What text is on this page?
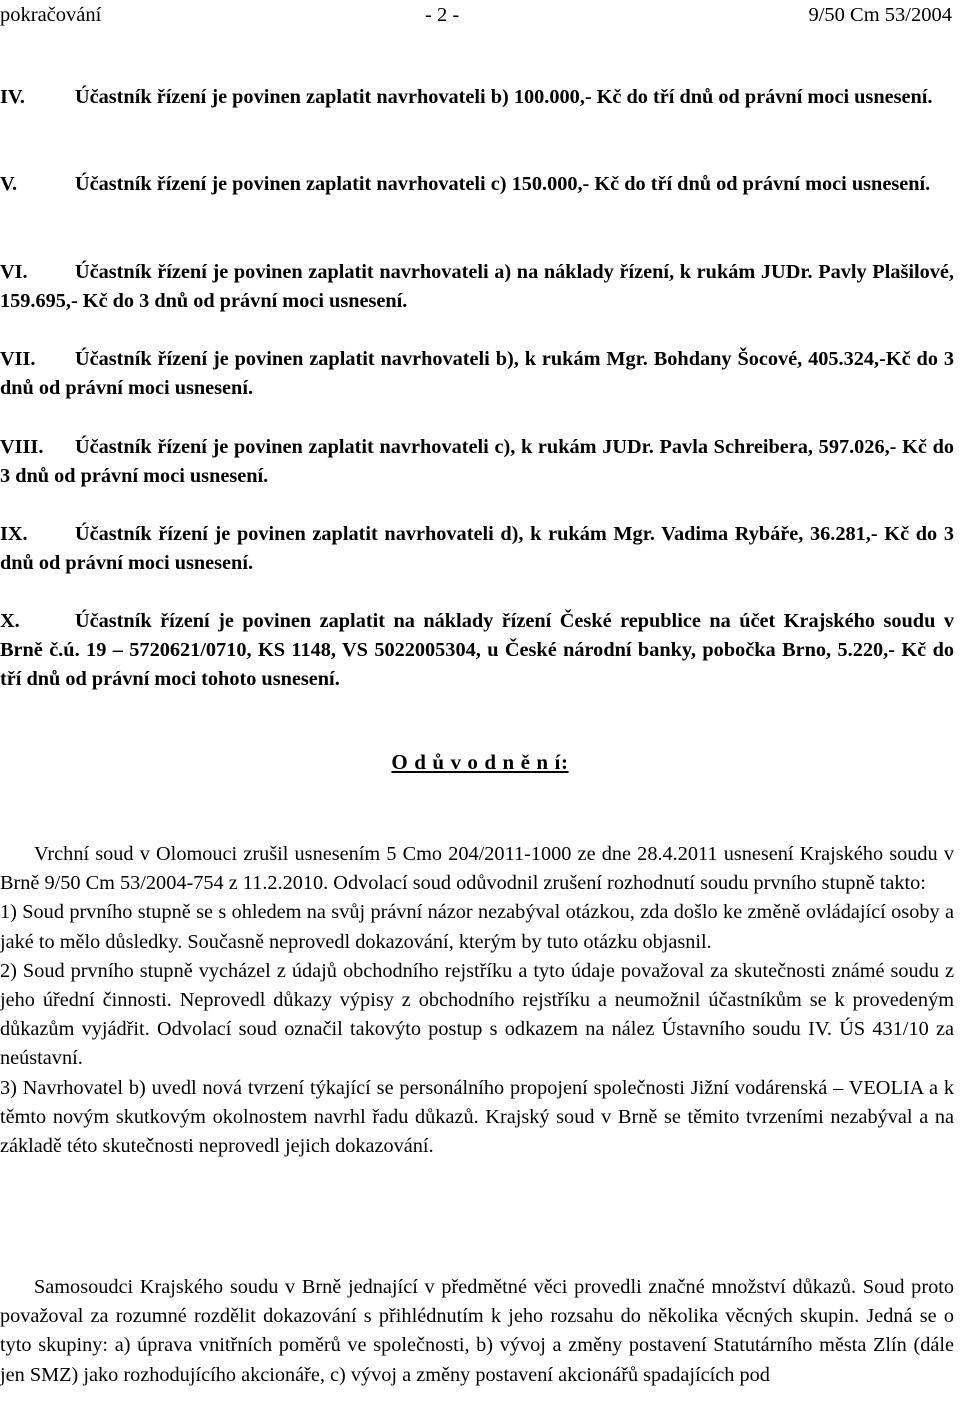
pokračování	- 2 -	9/50 Cm 53/2004

IV. Účastník řízení je povinen zaplatit navrhovateli b) 100.000,- Kč do tří dnů od právní moci usnesení.

V.	Účastník řízení je povinen zaplatit navrhovateli c) 150.000,- Kč do tří dnů od právní moci usnesení.

VI. Účastník řízení je povinen zaplatit navrhovateli a) na náklady řízení, k rukám JUDr. Pavly Plašilové, 159.695,- Kč do 3 dnů od právní moci usnesení.

VII. Účastník řízení je povinen zaplatit navrhovateli b), k rukám Mgr. Bohdany Šocové, 405.324,-Kč do 3 dnů od právní moci usnesení.

VIII. Účastník řízení je povinen zaplatit navrhovateli c), k rukám JUDr. Pavla Schreibera, 597.026,- Kč do 3 dnů od právní moci usnesení.

IX. Účastník řízení je povinen zaplatit navrhovateli d), k rukám Mgr. Vadima Rybáře, 36.281,- Kč do 3 dnů od právní moci usnesení.

X.	Účastník řízení je povinen zaplatit na náklady řízení České republice na účet Krajského soudu v Brně č.ú. 19 – 5720621/0710, KS 1148, VS 5022005304, u České národní banky, pobočka Brno, 5.220,- Kč do tří dnů od právní moci tohoto usnesení.

O d ů v o d n ě n í:

Vrchní soud v Olomouci zrušil usnesením 5 Cmo 204/2011-1000 ze dne 28.4.2011 usnesení Krajského soudu v Brně 9/50 Cm 53/2004-754 z 11.2.2010. Odvolací soud odůvodnil zrušení rozhodnutí soudu prvního stupně takto:

1) Soud prvního stupně se s ohledem na svůj právní názor nezabýval otázkou, zda došlo ke změně ovládající osoby a jaké to mělo důsledky. Současně neprovedl dokazování, kterým by tuto otázku objasnil.

2) Soud prvního stupně vycházel z údajů obchodního rejstříku a tyto údaje považoval za skutečnosti známé soudu z jeho úřední činnosti. Neprovedl důkazy výpisy z obchodního rejstříku a neumožnil účastníkům se k provedeným důkazům vyjádřit. Odvolací soud označil takovýto postup s odkazem na nález Ústavního soudu IV. ÚS 431/10 za neústavní.

3) Navrhovatel b) uvedl nová tvrzení týkající se personálního propojení společnosti Jižní vodárenská – VEOLIA a k těmto novým skutkovým okolnostem navrhl řadu důkazů. Krajský soud v Brně se těmito tvrzeními nezabýval a na základě této skutečnosti neprovedl jejich dokazování.

Samosoudci Krajského soudu v Brně jednající v předmětné věci provedli značné množství důkazů. Soud proto považoval za rozumné rozdělit dokazování s přihlédnutím k jeho rozsahu do několika věcných skupin. Jedná se o tyto skupiny: a) úprava vnitřních poměrů ve společnosti, b) vývoj a změny postavení Statutárního města Zlín (dále jen SMZ) jako rozhodujícího akcionáře, c) vývoj a změny postavení akcionářů spadajících pod
